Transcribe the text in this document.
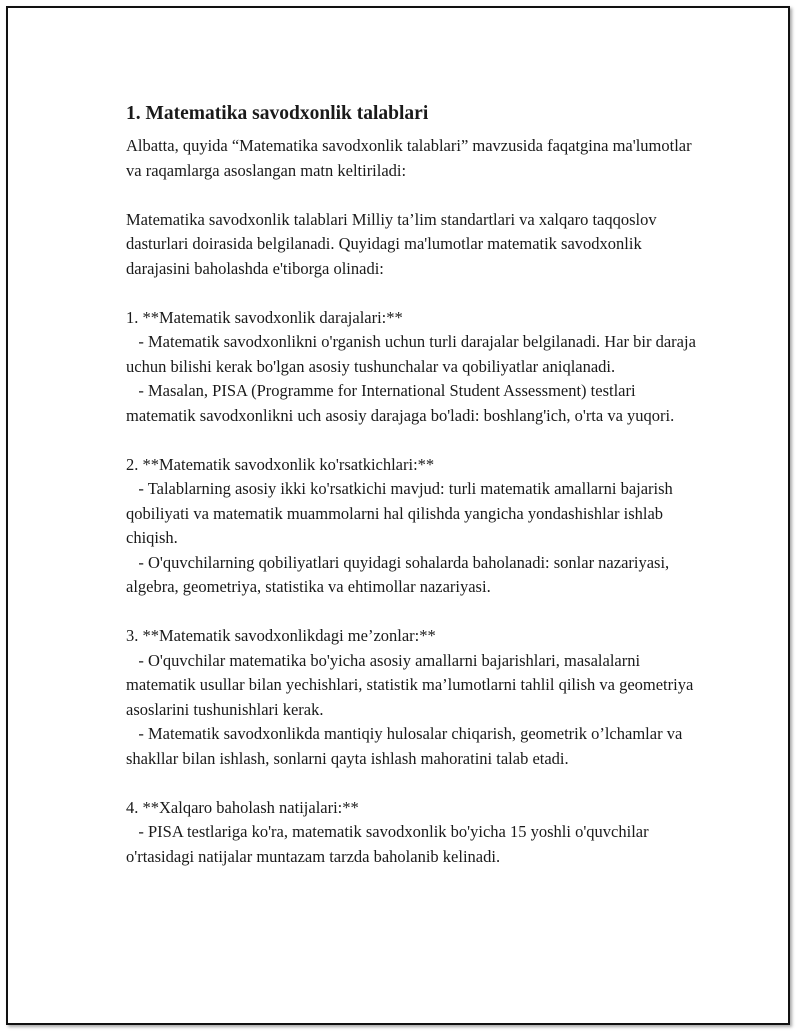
1. Matematika savodxonlik talablari

Albatta, quyida “Matematika savodxonlik talablari” mavzusida faqatgina ma'lumotlar va raqamlarga asoslangan matn keltiriladi:

Matematika savodxonlik talablari Milliy ta’lim standartlari va xalqaro taqqoslov dasturlari doirasida belgilanadi. Quyidagi ma'lumotlar matematik savodxonlik darajasini baholashda e'tiborga olinadi:

1. **Matematik savodxonlik darajalari:**

- Matematik savodxonlikni o'rganish uchun turli darajalar belgilanadi. Har bir daraja uchun bilishi kerak bo'lgan asosiy tushunchalar va qobiliyatlar aniqlanadi.

- Masalan, PISA (Programme for International Student Assessment) testlari matematik savodxonlikni uch asosiy darajaga bo'ladi: boshlang'ich, o'rta va yuqori.

2. **Matematik savodxonlik ko'rsatkichlari:**

- Talablarning asosiy ikki ko'rsatkichi mavjud: turli matematik amallarni bajarish qobiliyati va matematik muammolarni hal qilishda yangicha yondashishlar ishlab chiqish.

- O'quvchilarning qobiliyatlari quyidagi sohalarda baholanadi: sonlar nazariyasi, algebra, geometriya, statistika va ehtimollar nazariyasi.

3. **Matematik savodxonlikdagi me’zonlar:**

- O'quvchilar matematika bo'yicha asosiy amallarni bajarishlari, masalalarni matematik usullar bilan yechishlari, statistik ma’lumotlarni tahlil qilish va geometriya asoslarini tushunishlari kerak.

- Matematik savodxonlikda mantiqiy hulosalar chiqarish, geometrik o’lchamlar va shakllar bilan ishlash, sonlarni qayta ishlash mahoratini talab etadi.

4. **Xalqaro baholash natijalari:**

- PISA testlariga ko'ra, matematik savodxonlik bo'yicha 15 yoshli o'quvchilar o'rtasidagi natijalar muntazam tarzda baholanib kelinadi.
